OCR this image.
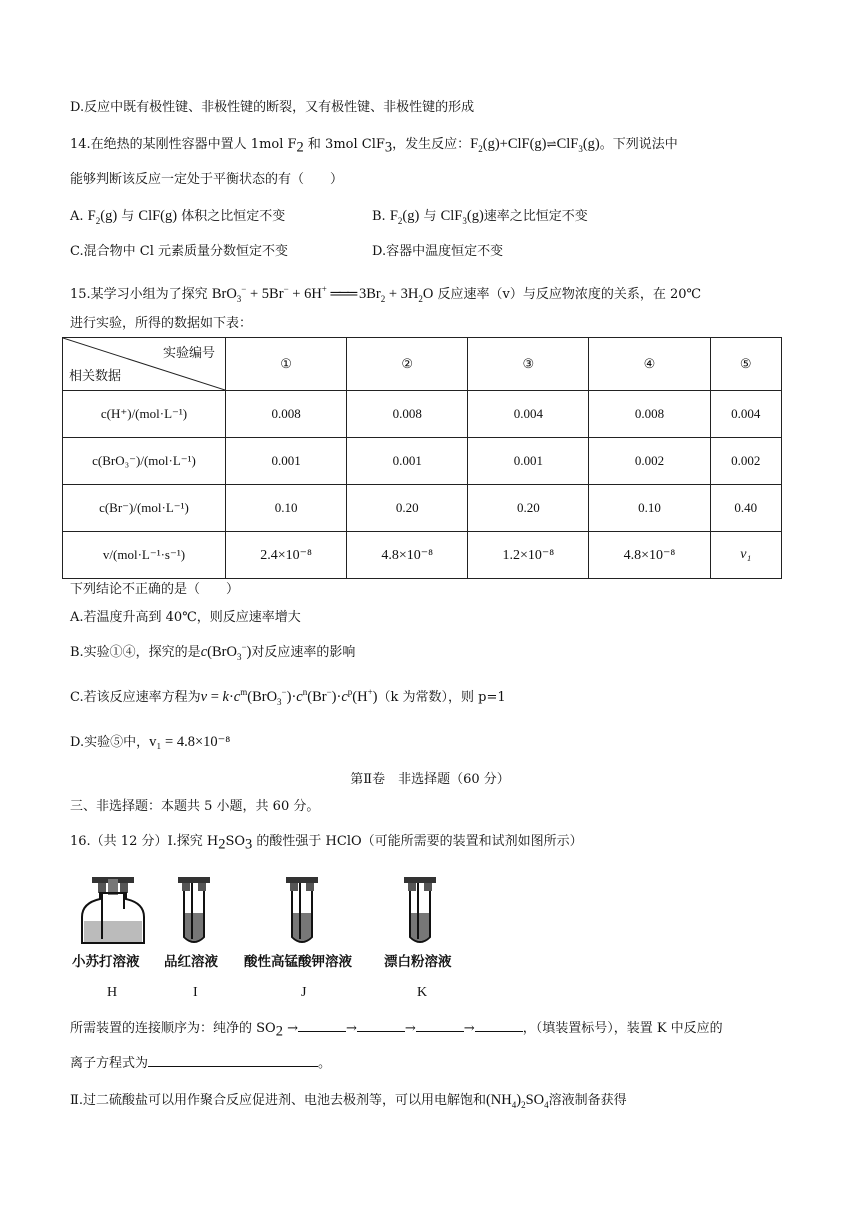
D.反应中既有极性键、非极性键的断裂，又有极性键、非极性键的形成
14.在绝热的某刚性容器中置人 1mol $F_2$ 和 3mol ClF$_3$，发生反应：$F_2(g)+ClF(g)\rightleftharpoons ClF_3(g)$。下列说法中
能够判断该反应一定处于平衡状态的有（　　）
A. $F_2(g)$ 与 ClF(g) 体积之比恒定不变	B. $F_2(g)$ 与 ClF$_3$(g)速率之比恒定不变
C.混合物中 Cl 元素质量分数恒定不变	D.容器中温度恒定不变
15.某学习小组为了探究 BrO$_3$− + 5Br− + 6H+ ═══ $3Br_2 + 3H_2O$ 反应速率（v）与反应物浓度的关系，在 20℃
进行实验，所得的数据如下表：
实验编号
相关数据	①	②	③	④	⑤
c(H⁺)/(mol·L⁻¹)	0.008	0.008	0.004	0.008	0.004
c(BrO₃⁻)/(mol·L⁻¹)	0.001	0.001	0.001	0.002	0.002
c(Br⁻)/(mol·L⁻¹)	0.10	0.20	0.20	0.10	0.40
v/(mol·L⁻¹·s⁻¹)	2.4×10⁻⁸	4.8×10⁻⁸	1.2×10⁻⁸	4.8×10⁻⁸	v₁
下列结论不正确的是（　　）
A.若温度升高到 40℃，则反应速率增大
B.实验①④，探究的是c(BrO$_3$−)对反应速率的影响
C.若该反应速率方程为$v = k\cdot c^m(BrO_3^-)\cdot c^n(Br^-)\cdot c^p(H^+)(k$ 为常数），则 p=1
D.实验⑤中，v₁ = 4.8×10⁻⁸
第Ⅱ卷　非选择题（60 分）
三、非选择题：本题共 5 小题，共 60 分。
16.（共 12 分）Ⅰ.探究 $H_2SO_3$ 的酸性强于 HClO（可能所需要的装置和试剂如图所示）
小苏打溶液 品红溶液 酸性高锰酸钾溶液 漂白粉溶液
H	I	J	K
所需装置的连接顺序为：纯净的 $SO_2$ →	→	→	→	，（填装置标号），装置 K 中反应的
离子方程式为	。
Ⅱ.过二硫酸盐可以用作聚合反应促进剂、电池去极剂等，可以用电解饱和$(NH_4)_2SO_4$溶液制备获得
